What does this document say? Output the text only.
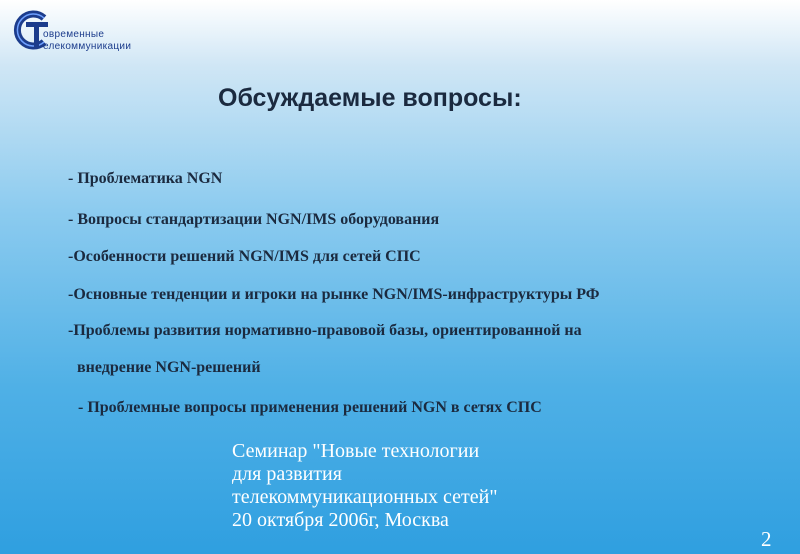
овременные
елекоммуникации
Обсуждаемые вопросы:
- Проблематика NGN
- Вопросы стандартизации NGN/IMS оборудования
-Особенности решений NGN/IMS для сетей СПС
-Основные тенденции и игроки на рынке NGN/IMS-инфраструктуры РФ
-Проблемы развития нормативно-правовой базы, ориентированной на
внедрение NGN-решений
- Проблемные вопросы применения решений NGN в сетях СПС
Семинар "Новые технологии
для развития
телекоммуникационных сетей"
20 октября 2006г, Москва
2
